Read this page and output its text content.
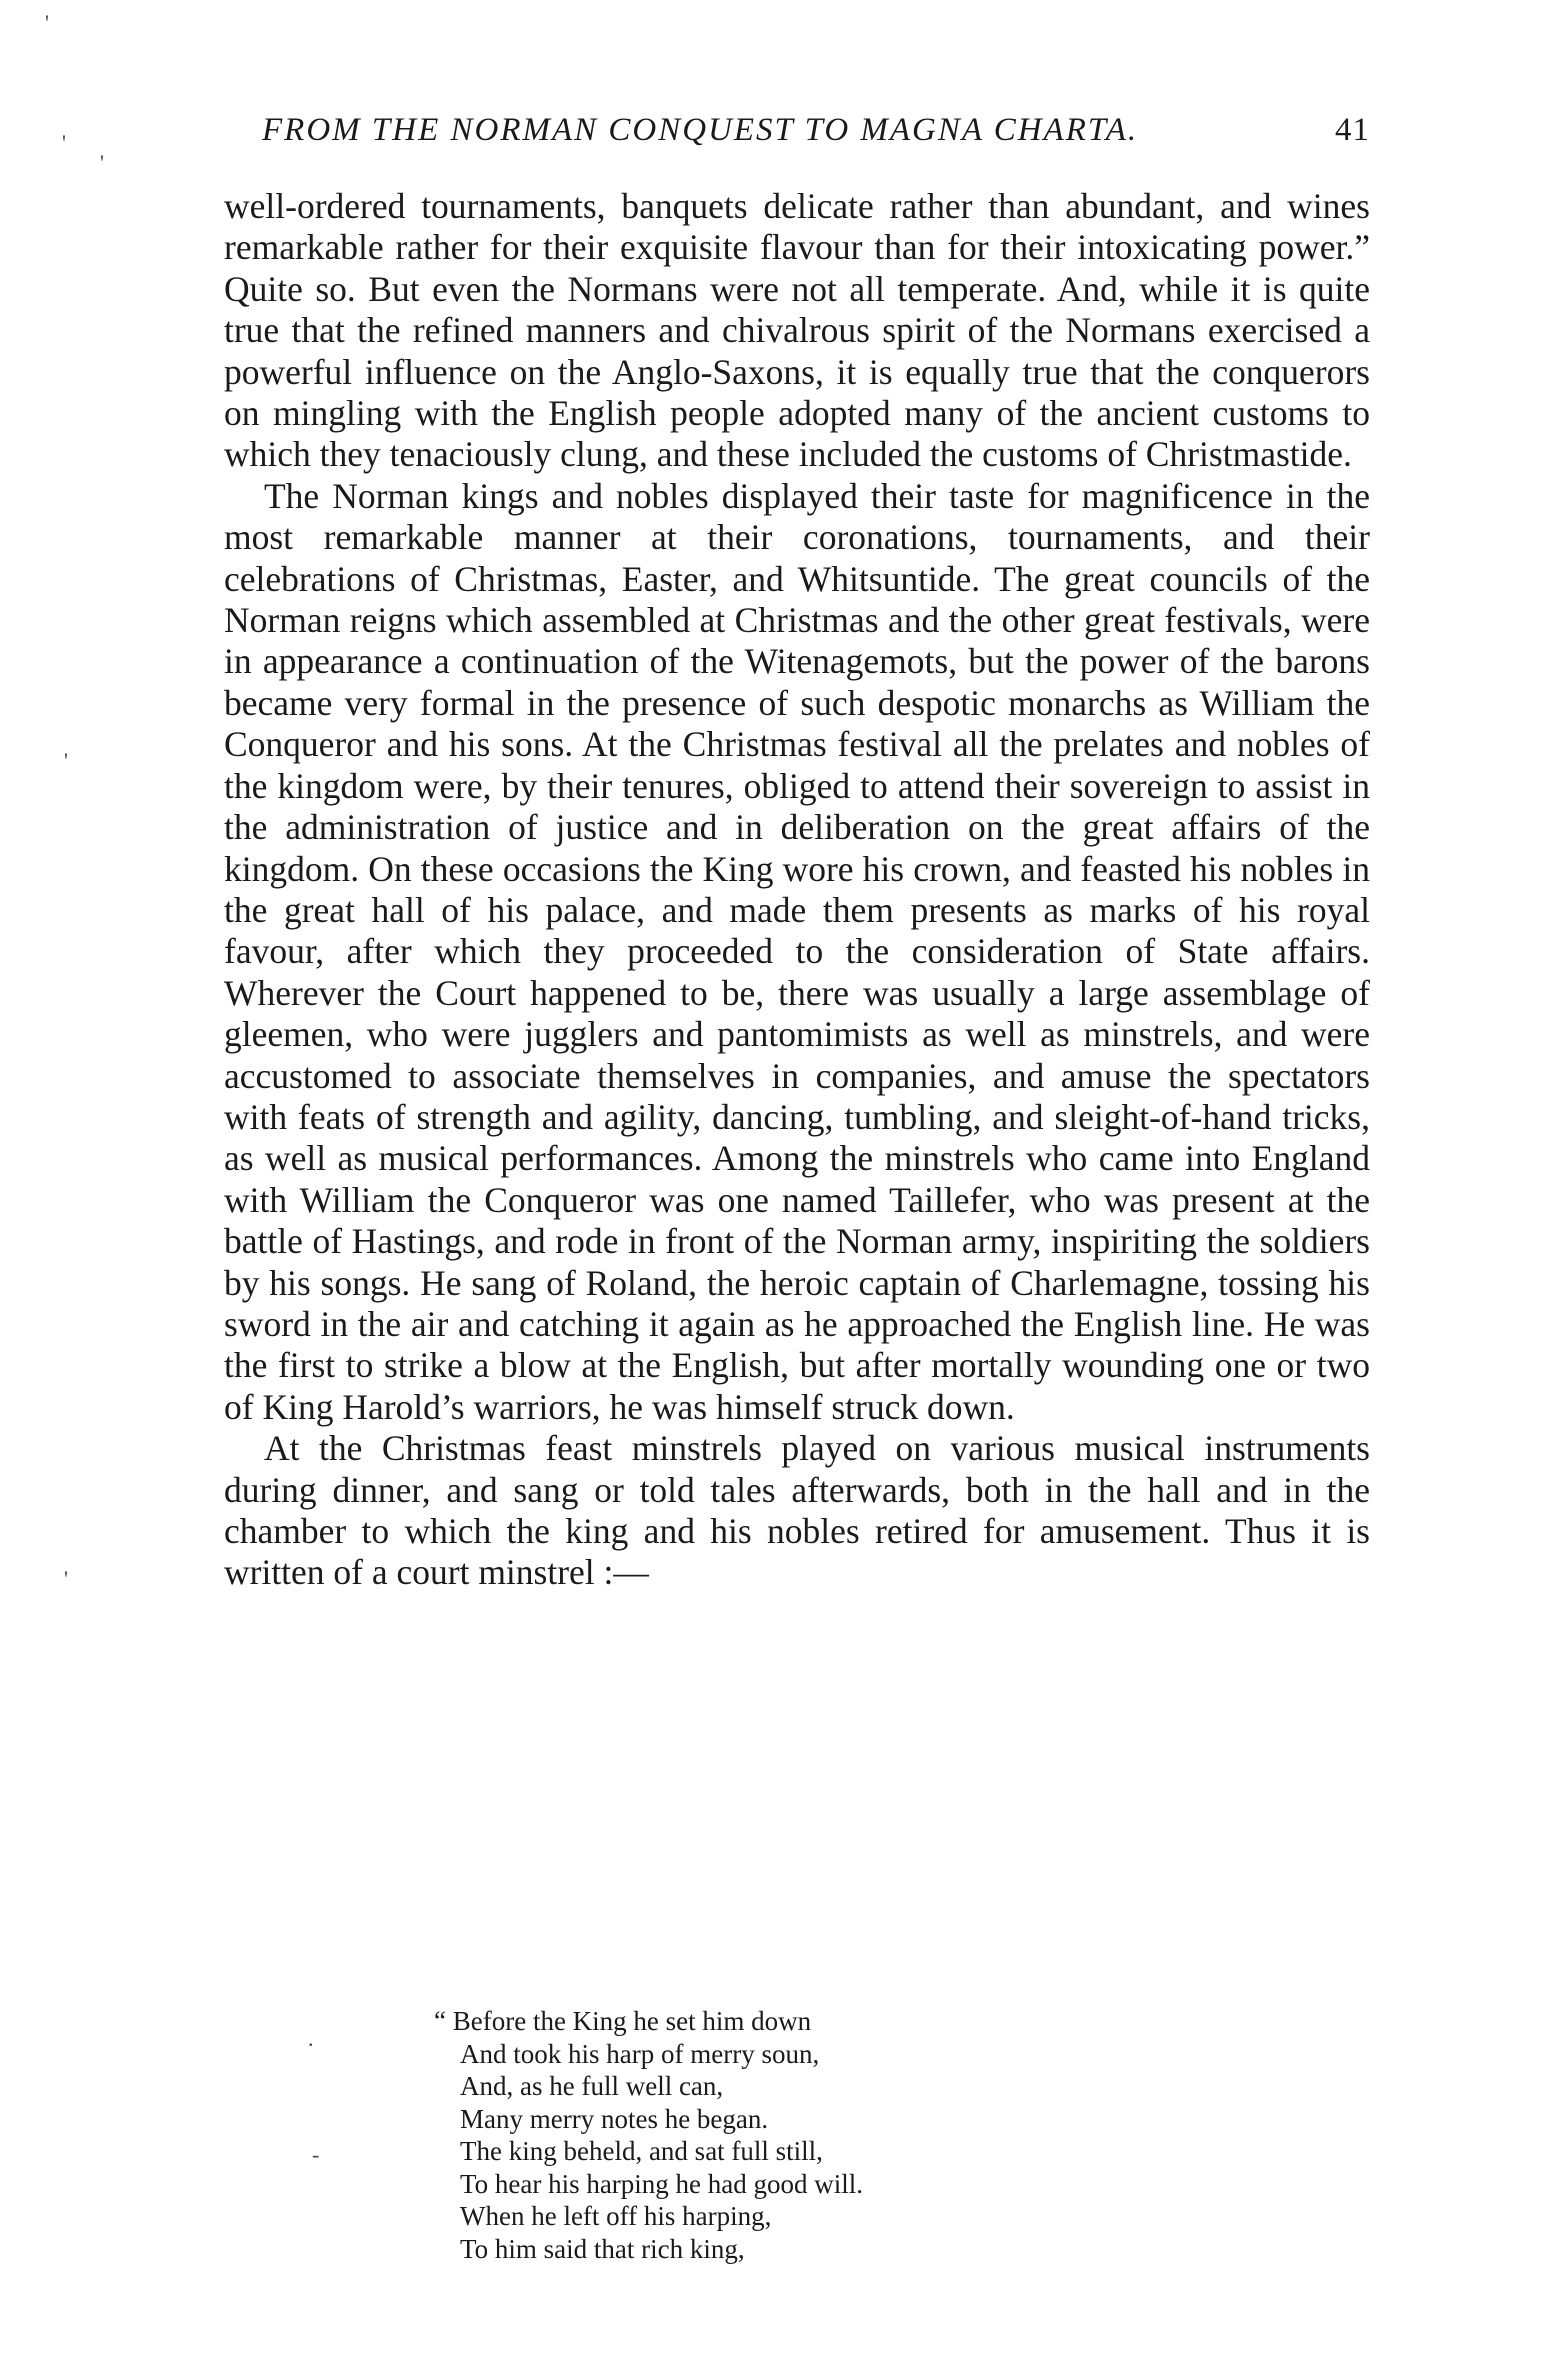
FROM THE NORMAN CONQUEST TO MAGNA CHARTA.	41
'
'
'
'
'
.
-

well-ordered tournaments, banquets delicate rather than abundant, and wines remarkable rather for their exquisite flavour than for their intoxicating power.” Quite so. But even the Normans were not all temperate. And, while it is quite true that the refined manners and chivalrous spirit of the Normans exercised a powerful influence on the Anglo-Saxons, it is equally true that the conquerors on mingling with the English people adopted many of the ancient customs to which they tenaciously clung, and these included the customs of Christmastide.

The Norman kings and nobles displayed their taste for magnificence in the most remarkable manner at their coronations, tournaments, and their celebrations of Christmas, Easter, and Whitsuntide. The great councils of the Norman reigns which assembled at Christmas and the other great festivals, were in appearance a continuation of the Witenagemots, but the power of the barons became very formal in the presence of such despotic monarchs as William the Conqueror and his sons. At the Christmas festival all the prelates and nobles of the kingdom were, by their tenures, obliged to attend their sovereign to assist in the administration of justice and in deliberation on the great affairs of the kingdom. On these occasions the King wore his crown, and feasted his nobles in the great hall of his palace, and made them presents as marks of his royal favour, after which they proceeded to the consideration of State affairs. Wherever the Court happened to be, there was usually a large assemblage of gleemen, who were jugglers and pantomimists as well as minstrels, and were accustomed to associate themselves in companies, and amuse the spectators with feats of strength and agility, dancing, tumbling, and sleight-of-hand tricks, as well as musical performances. Among the minstrels who came into England with William the Conqueror was one named Taillefer, who was present at the battle of Hastings, and rode in front of the Norman army, inspiriting the soldiers by his songs. He sang of Roland, the heroic captain of Charlemagne, tossing his sword in the air and catching it again as he approached the English line. He was the first to strike a blow at the English, but after mortally wounding one or two of King Harold’s warriors, he was himself struck down.

At the Christmas feast minstrels played on various musical instruments during dinner, and sang or told tales afterwards, both in the hall and in the chamber to which the king and his nobles retired for amusement. Thus it is written of a court minstrel :—

“ Before the King he set him down
And took his harp of merry soun,
And, as he full well can,
Many merry notes he began.
The king beheld, and sat full still,
To hear his harping he had good will.
When he left off his harping,
To him said that rich king,
